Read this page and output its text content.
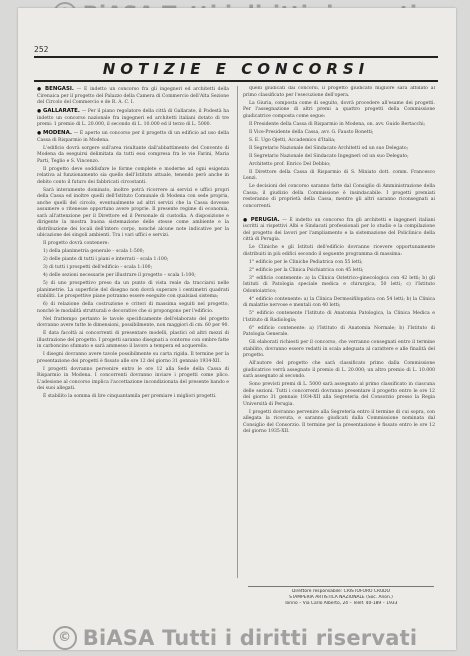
252
NOTIZIE E CONCORSI

● BENGASI. — È indetto un concorso fra gli ingegneri ed architetti della Cirenaica per il progetto del Palazzo della Camera di Commercio dell'Alta Sezione del Circolo del Commercio e de R. A. C. I.

● GALLARATE. — Per il piano regolatore della città di Gallarate, il Podestà ha indetto un concorso nazionale fra ingegneri ed architetti italiani dotato di tre premi: 1 premio di L. 20.000, il secondo di L. 10.000 ed il terzo di L. 5000.

● MODENA. — È aperto un concorso per il progetto di un edificio ad uso della Cassa di Risparmio in Modena.

L'edificio dovrà sorgere sull'area risultante dall'abbattimento del Convento di Modena da eseguirsi delimitata da tutti essi compresa fra le vie Farini, Maria Parti, Teglio e S. Vincenzo.

Il progetto deve soddisfare le forme complete e moderne ad ogni esigenza relativa al funzionamento sia quello dell'Istituto attuale, tenendo però anche in debito conto il futuro dei fabbricati circostanti.

Sarà interamente dominato, inoltre potrà ricorrere ai servizi e uffici propri della Cassa ed inoltre quelli dell'Istituto Comunale di Modena con sede propria, anche quelli del circolo, eventualmente ad altri servizi che la Cassa dovesse assumere o ritenesse opportuno avere proprie. Il presente regime di economia, sarà all'attenzione per il Direttore ed il Personale di custodia. A disposizione e dirigente la mostra buona sistemazione delle stesse come ambiente e la distribuzione dei locali dell'intero corpo, nonché alcune note indicative per la ubicazione dei singoli ambienti. Tra i vari uffici e servizi.

Il progetto dovrà contenere:

1) della planimetria generale – scala 1:500;

2) delle piante di tutti i piani e interrati – scala 1:100;

3) di tutti i prospetti dell'edificio – scala 1:100;

4) delle sezioni necessarie per illustrare il progetto – scala 1:100;

5) di uno prospettivo preso da un punto di vista reale da tracciarsi nelle planimetrie. La superficie del disegno non dovrà superare i centimetri quadrati stabiliti. Le prospettive piane potranno essere eseguite con qualsiasi sistema;

6) di relazione della costruzione e criteri di massima seguiti nel progetto, nonché le modalità strutturali e decorative che si propongono per l'edificio.

Nel frattempo pertanto le tavole specificamente dell'elaborato del progetto dovranno avere tutte le dimensioni, possibilmente, non maggiori di cm. 60 per 90.

È data facoltà ai concorrenti di presentare modelli, plastici od altri mezzi di illustrazione del progetto. I progetti saranno disegnati a contorno con ombre fatte in carboncino sfumato e sarà ammesso il lavoro a tempera ed acquerello.

I disegni dovranno avere tavole possibilmente su carta rigida. Il termine per la presentazione dei progetti è fissato alle ore 12 del giorno 31 gennaio 1934-XII.

I progetti dovranno pervenire entro le ore 12 alla Sede della Cassa di Risparmio in Modena. I concorrenti dovranno inviare i progetti come plico. L'adesione al concorso implica l'accettazione incondizionata del presente bando e dei suoi allegati.

È stabilito la somma di lire cinquantamila per premiare i migliori progetti.

quelli giudicati dai concorsi, il progetto giudicato migliore sarà affidato al primo classificato per l'esecuzione dell'opera.

La Giuria, composta come di seguito, dovrà procedere all'esame dei progetti. Per l'assegnazione di altri premi a quattro progetti della Commissione giudicatrice composta come segue:

Il Presidente della Cassa di Risparmio in Modena, on. avv. Guido Bertacchi;

Il Vice-Presidente della Cassa, avv. G. Fausto Bonetti;

S. E. Ugo Ojetti, Accademico d'Italia;

Il Segretario Nazionale del Sindacato Architetti od un suo Delegato;

Il Segretario Nazionale del Sindacato Ingegneri od un suo Delegato;

Architetto prof. Enrico Del Debbio;

Il Direttore della Cassa di Risparmio di S. Miniato dott. comm. Francesco Lenzi.

Le decisioni del concorso saranno fatte dal Consiglio di Amministrazione della Cassa; il giudizio della Commissione è insindacabile. I progetti premiati resteranno di proprietà della Cassa, mentre gli altri saranno riconsegnati ai concorrenti.

● PERUGIA. — È indetto un concorso fra gli architetti e ingegneri italiani iscritti ai rispettivi Albi e Sindacati professionali per lo studio e la compilazione del progetto dei lavori per l'ampliamento e la sistemazione del Policlinico della città di Perugia.

Le Cliniche e gli Istituti dell'edificio dovranno ricevere opportunamente distribuiti in più edifici secondo il seguente programma di massima:

1° edificio per le Cliniche Pediatrica con 55 letti;

2° edificio per la Clinica Psichiatrica con 45 letti;

3° edificio contenente: a) la Clinica Ostetrico-ginecologica con 42 letti; b) gli Istituti di Patologia speciale medica e chirurgica, 50 letti; c) l'Istituto Odontoiatrico;

4° edificio contenente: a) la Clinica Dermosifilopatica con 54 letti; b) la Clinica di malattie nervose e mentali con 40 letti;

5° edificio contenente l'Istituto di Anatomia Patologica, la Clinica Medica e l'Istituto di Radiologia;

6° edificio contenente: a) l'Istituto di Anatomia Normale; b) l'Istituto di Patologia Generale.

Gli elaborati richiesti per il concorso, che verranno consegnati entro il termine stabilito, dovranno essere redatti in scala adeguata al carattere e alle finalità del progetto.

All'autore del progetto che sarà classificato primo dalla Commissione giudicatrice verrà assegnato il premio di L. 20.000; un altro premio di L. 10.000 sarà assegnato al secondo.

Sono previsti premi di L. 5000 sarà assegnato al primo classificato in ciascuna delle sezioni. Tutti i concorrenti dovranno presentare il progetto entro le ore 12 del giorno 31 gennaio 1934-XII alla Segreteria del Consorzio presso la Regia Università di Perugia.

I progetti dovranno pervenire alla Segreteria entro il termine di cui sopra, con allegata la ricevuta, e saranno giudicati dalla Commissione nominata dal Consiglio del Consorzio. Il termine per la presentazione è fissato entro le ore 12 del giorno 1935-XII.

Direttore responsabile: CRISTOFORO CRUDO
STAMPERIA ARTISTICA NAZIONALE (Soc. Anon.)
Torino – Via Carlo Alberto, 24 – Telef. 40-189 – 1933
© BiASA Tutti i diritti riservati
